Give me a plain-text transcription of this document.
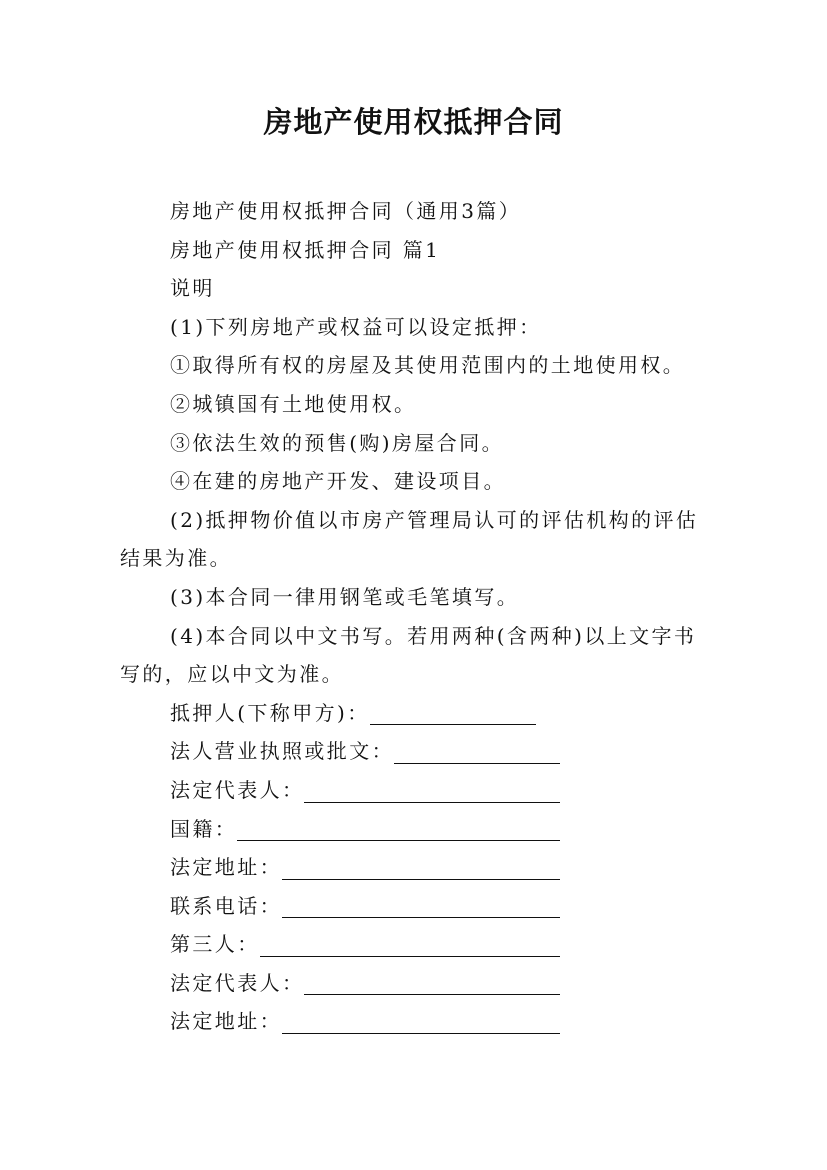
房地产使用权抵押合同

房地产使用权抵押合同（通用3篇）

房地产使用权抵押合同 篇1

说明

(1)下列房地产或权益可以设定抵押：

①取得所有权的房屋及其使用范围内的土地使用权。

②城镇国有土地使用权。

③依法生效的预售(购)房屋合同。

④在建的房地产开发、建设项目。

(2)抵押物价值以市房产管理局认可的评估机构的评估结果为准。

(3)本合同一律用钢笔或毛笔填写。

(4)本合同以中文书写。若用两种(含两种)以上文字书写的，应以中文为准。

抵押人(下称甲方)：
法人营业执照或批文：
法定代表人：
国籍：
法定地址：
联系电话：
第三人：
法定代表人：
法定地址：
